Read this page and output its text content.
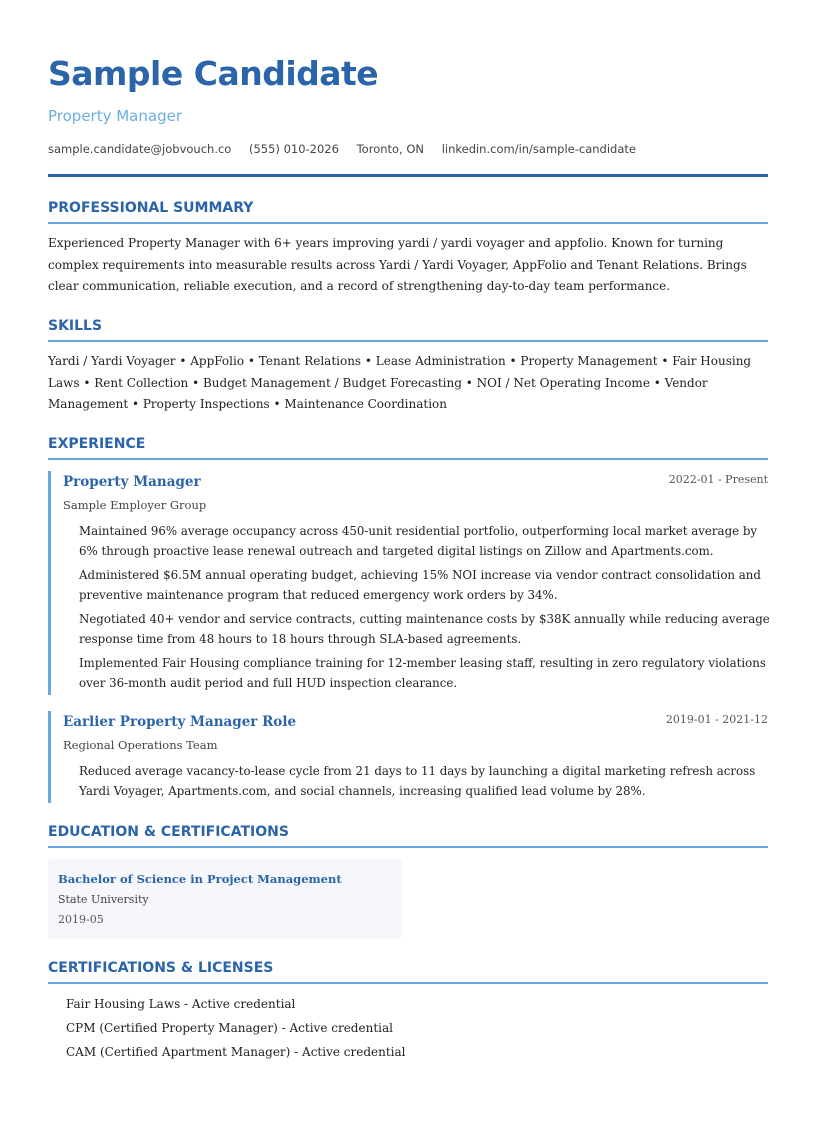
Sample Candidate
Property Manager
sample.candidate@jobvouch.co (555) 010-2026 Toronto, ON linkedin.com/in/sample-candidate
PROFESSIONAL SUMMARY
Experienced Property Manager with 6+ years improving yardi / yardi voyager and appfolio. Known for turning complex requirements into measurable results across Yardi / Yardi Voyager, AppFolio and Tenant Relations. Brings clear communication, reliable execution, and a record of strengthening day-to-day team performance.
SKILLS
Yardi / Yardi Voyager • AppFolio • Tenant Relations • Lease Administration • Property Management • Fair Housing Laws • Rent Collection • Budget Management / Budget Forecasting • NOI / Net Operating Income • Vendor Management • Property Inspections • Maintenance Coordination
EXPERIENCE
Property Manager	2022-01 - Present
Sample Employer Group
Maintained 96% average occupancy across 450-unit residential portfolio, outperforming local market average by 6% through proactive lease renewal outreach and targeted digital listings on Zillow and Apartments.com.
Administered $6.5M annual operating budget, achieving 15% NOI increase via vendor contract consolidation and preventive maintenance program that reduced emergency work orders by 34%.
Negotiated 40+ vendor and service contracts, cutting maintenance costs by $38K annually while reducing average response time from 48 hours to 18 hours through SLA-based agreements.
Implemented Fair Housing compliance training for 12-member leasing staff, resulting in zero regulatory violations over 36-month audit period and full HUD inspection clearance.
Earlier Property Manager Role	2019-01 - 2021-12
Regional Operations Team
Reduced average vacancy-to-lease cycle from 21 days to 11 days by launching a digital marketing refresh across Yardi Voyager, Apartments.com, and social channels, increasing qualified lead volume by 28%.
EDUCATION & CERTIFICATIONS
Bachelor of Science in Project Management
State University
2019-05
CERTIFICATIONS & LICENSES
Fair Housing Laws - Active credential
CPM (Certified Property Manager) - Active credential
CAM (Certified Apartment Manager) - Active credential
